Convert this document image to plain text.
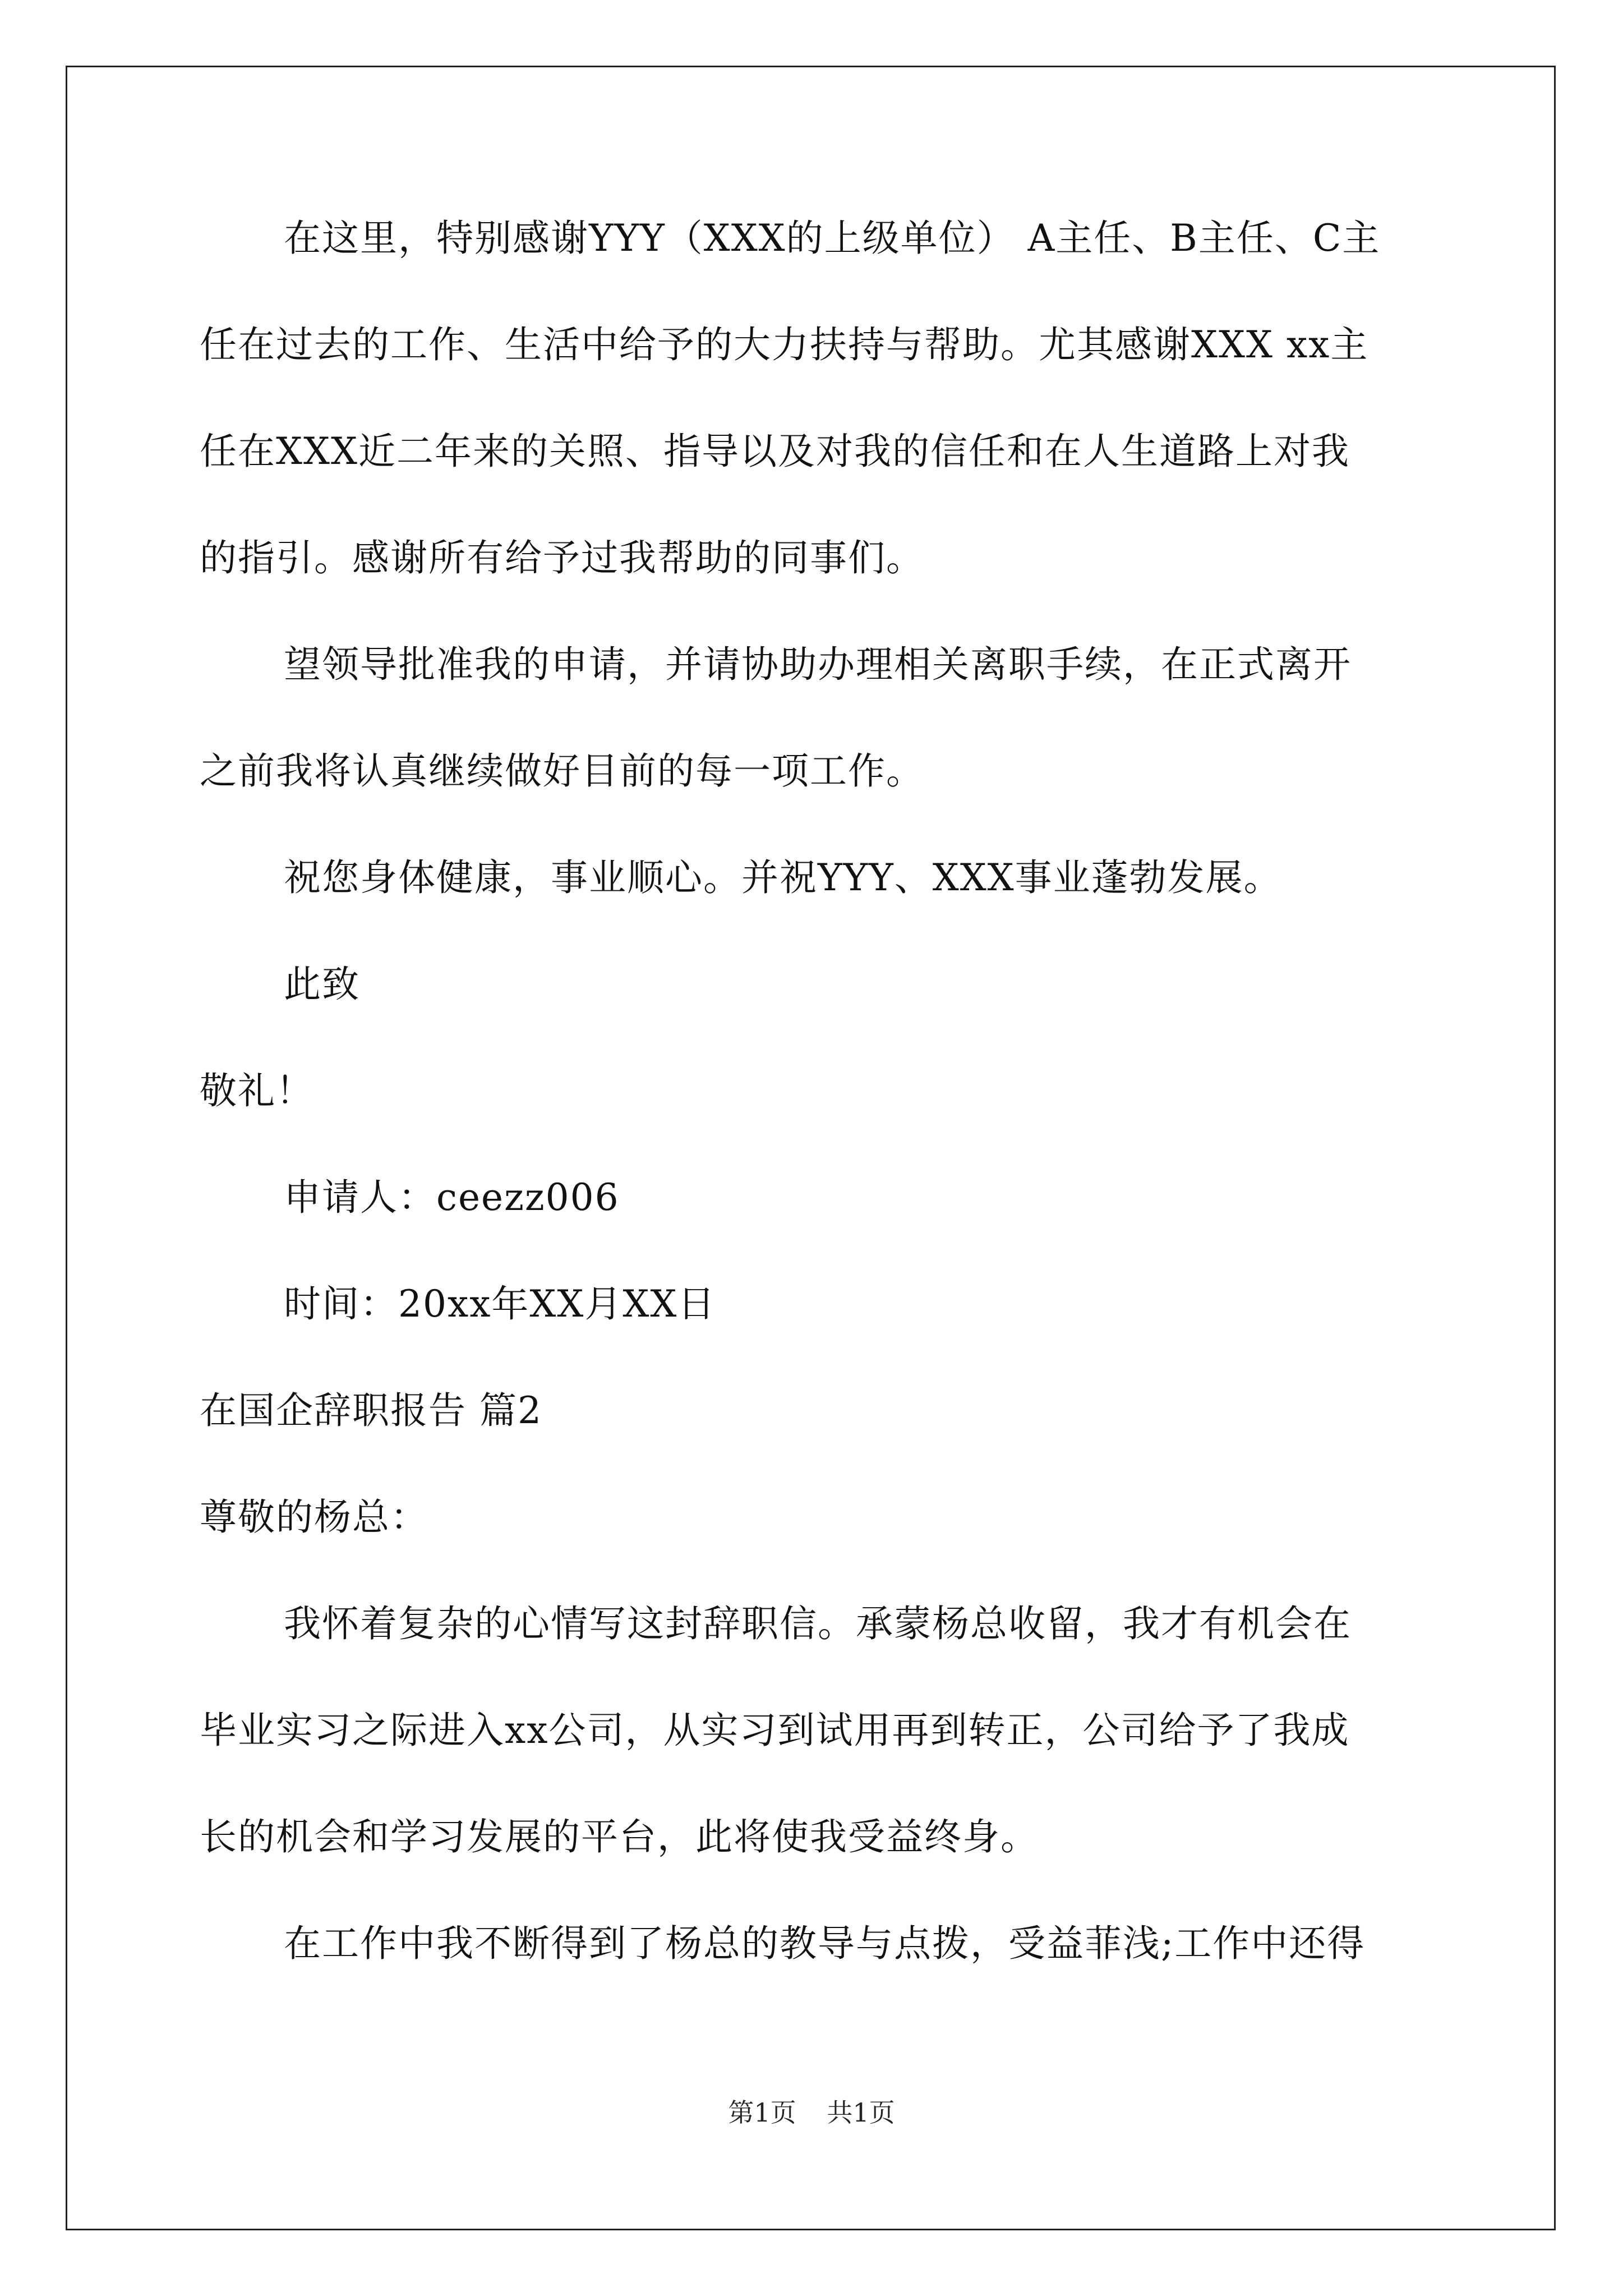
在这里，特别感谢YYY（XXX的上级单位） A主任、B主任、C主
任在过去的工作、生活中给予的大力扶持与帮助。尤其感谢XXX xx主
任在XXX近二年来的关照、指导以及对我的信任和在人生道路上对我
的指引。感谢所有给予过我帮助的同事们。
望领导批准我的申请，并请协助办理相关离职手续，在正式离开
之前我将认真继续做好目前的每一项工作。
祝您身体健康，事业顺心。并祝YYY、XXX事业蓬勃发展。
此致
敬礼！
申请人：ceezz006
时间：20xx年XX月XX日
在国企辞职报告 篇2
尊敬的杨总：
我怀着复杂的心情写这封辞职信。承蒙杨总收留，我才有机会在
毕业实习之际进入xx公司，从实习到试用再到转正，公司给予了我成
长的机会和学习发展的平台，此将使我受益终身。
在工作中我不断得到了杨总的教导与点拨，受益菲浅;工作中还得
第1页 共1页
